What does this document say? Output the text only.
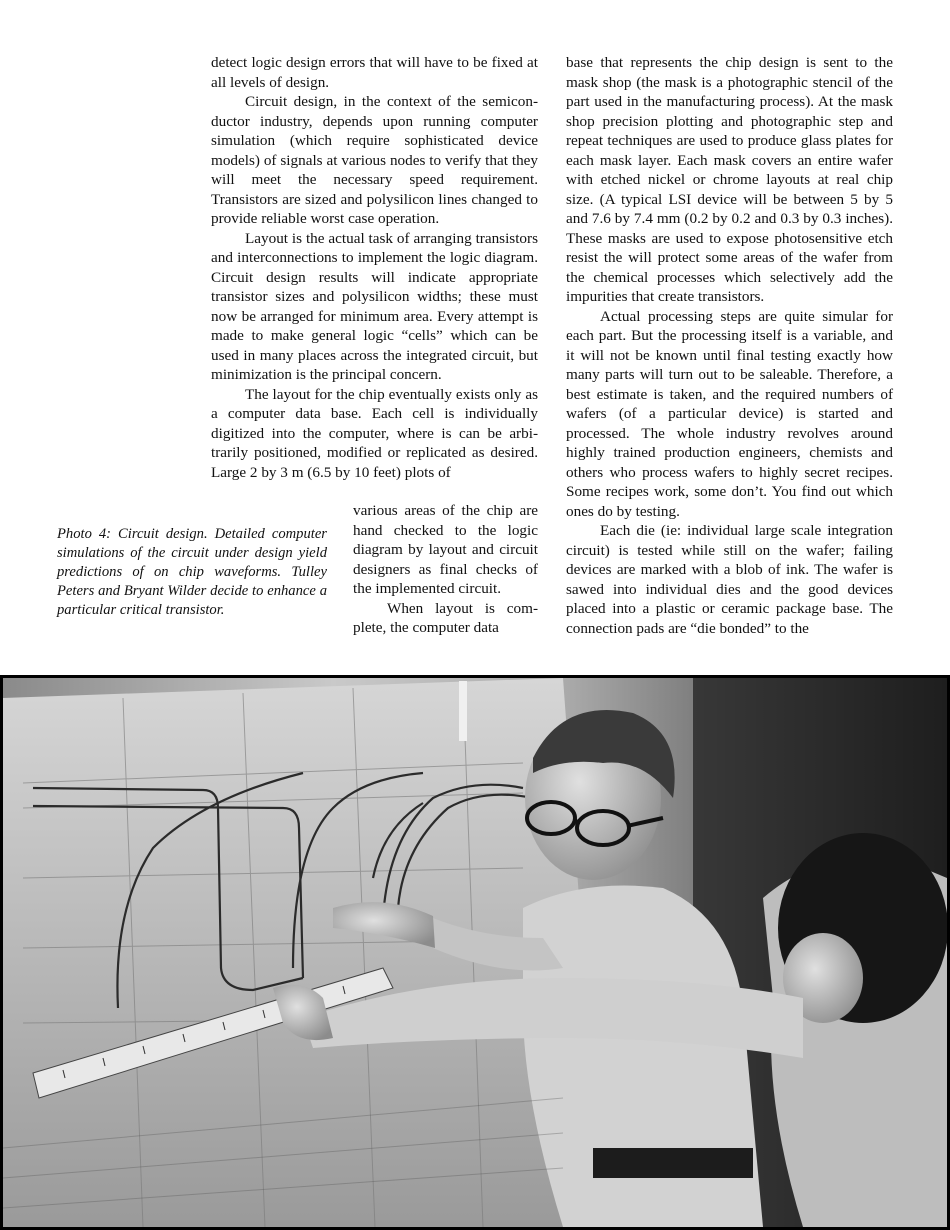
detect logic design errors that will have to be fixed at all levels of design.

Circuit design, in the context of the semiconductor industry, depends upon running computer simulation (which require sophisticated device models) of signals at various nodes to verify that they will meet the necessary speed requirement. Transistors are sized and polysilicon lines changed to provide reliable worst case operation.

Layout is the actual task of arranging transistors and interconnections to implement the logic diagram. Circuit design results will indicate appropriate transistor sizes and polysilicon widths; these must now be arranged for minimum area. Every attempt is made to make general logic “cells” which can be used in many places across the integrated circuit, but minimization is the principal concern.

The layout for the chip eventually exists only as a computer data base. Each cell is individually digitized into the computer, where is can be arbitrarily positioned, modified or replicated as desired. Large 2 by 3 m (6.5 by 10 feet) plots of

various areas of the chip are hand checked to the logic diagram by layout and circuit designers as final checks of the implemented circuit.

When layout is complete, the computer data

base that represents the chip design is sent to the mask shop (the mask is a photographic stencil of the part used in the manufacturing process). At the mask shop precision plotting and photographic step and repeat techniques are used to produce glass plates for each mask layer. Each mask covers an entire wafer with etched nickel or chrome layouts at real chip size. (A typical LSI device will be between 5 by 5 and 7.6 by 7.4 mm (0.2 by 0.2 and 0.3 by 0.3 inches). These masks are used to expose photosensitive etch resist the will protect some areas of the wafer from the chemical processes which selectively add the impurities that create transistors.

Actual processing steps are quite simular for each part. But the processing itself is a variable, and it will not be known until final testing exactly how many parts will turn out to be saleable. Therefore, a best estimate is taken, and the required numbers of wafers (of a particular device) is started and processed. The whole industry revolves around highly trained production engineers, chemists and others who process wafers to highly secret recipes. Some recipes work, some don’t. You find out which ones do by testing.

Each die (ie: individual large scale integration circuit) is tested while still on the wafer; failing devices are marked with a blob of ink. The wafer is sawed into individual dies and the good devices placed into a plastic or ceramic package base. The connection pads are “die bonded” to the

Photo 4: Circuit design. Detailed computer simulations of the circuit under design yield predictions of on chip waveforms. Tulley Peters and Bryant Wilder decide to enhance a particular critical transistor.
